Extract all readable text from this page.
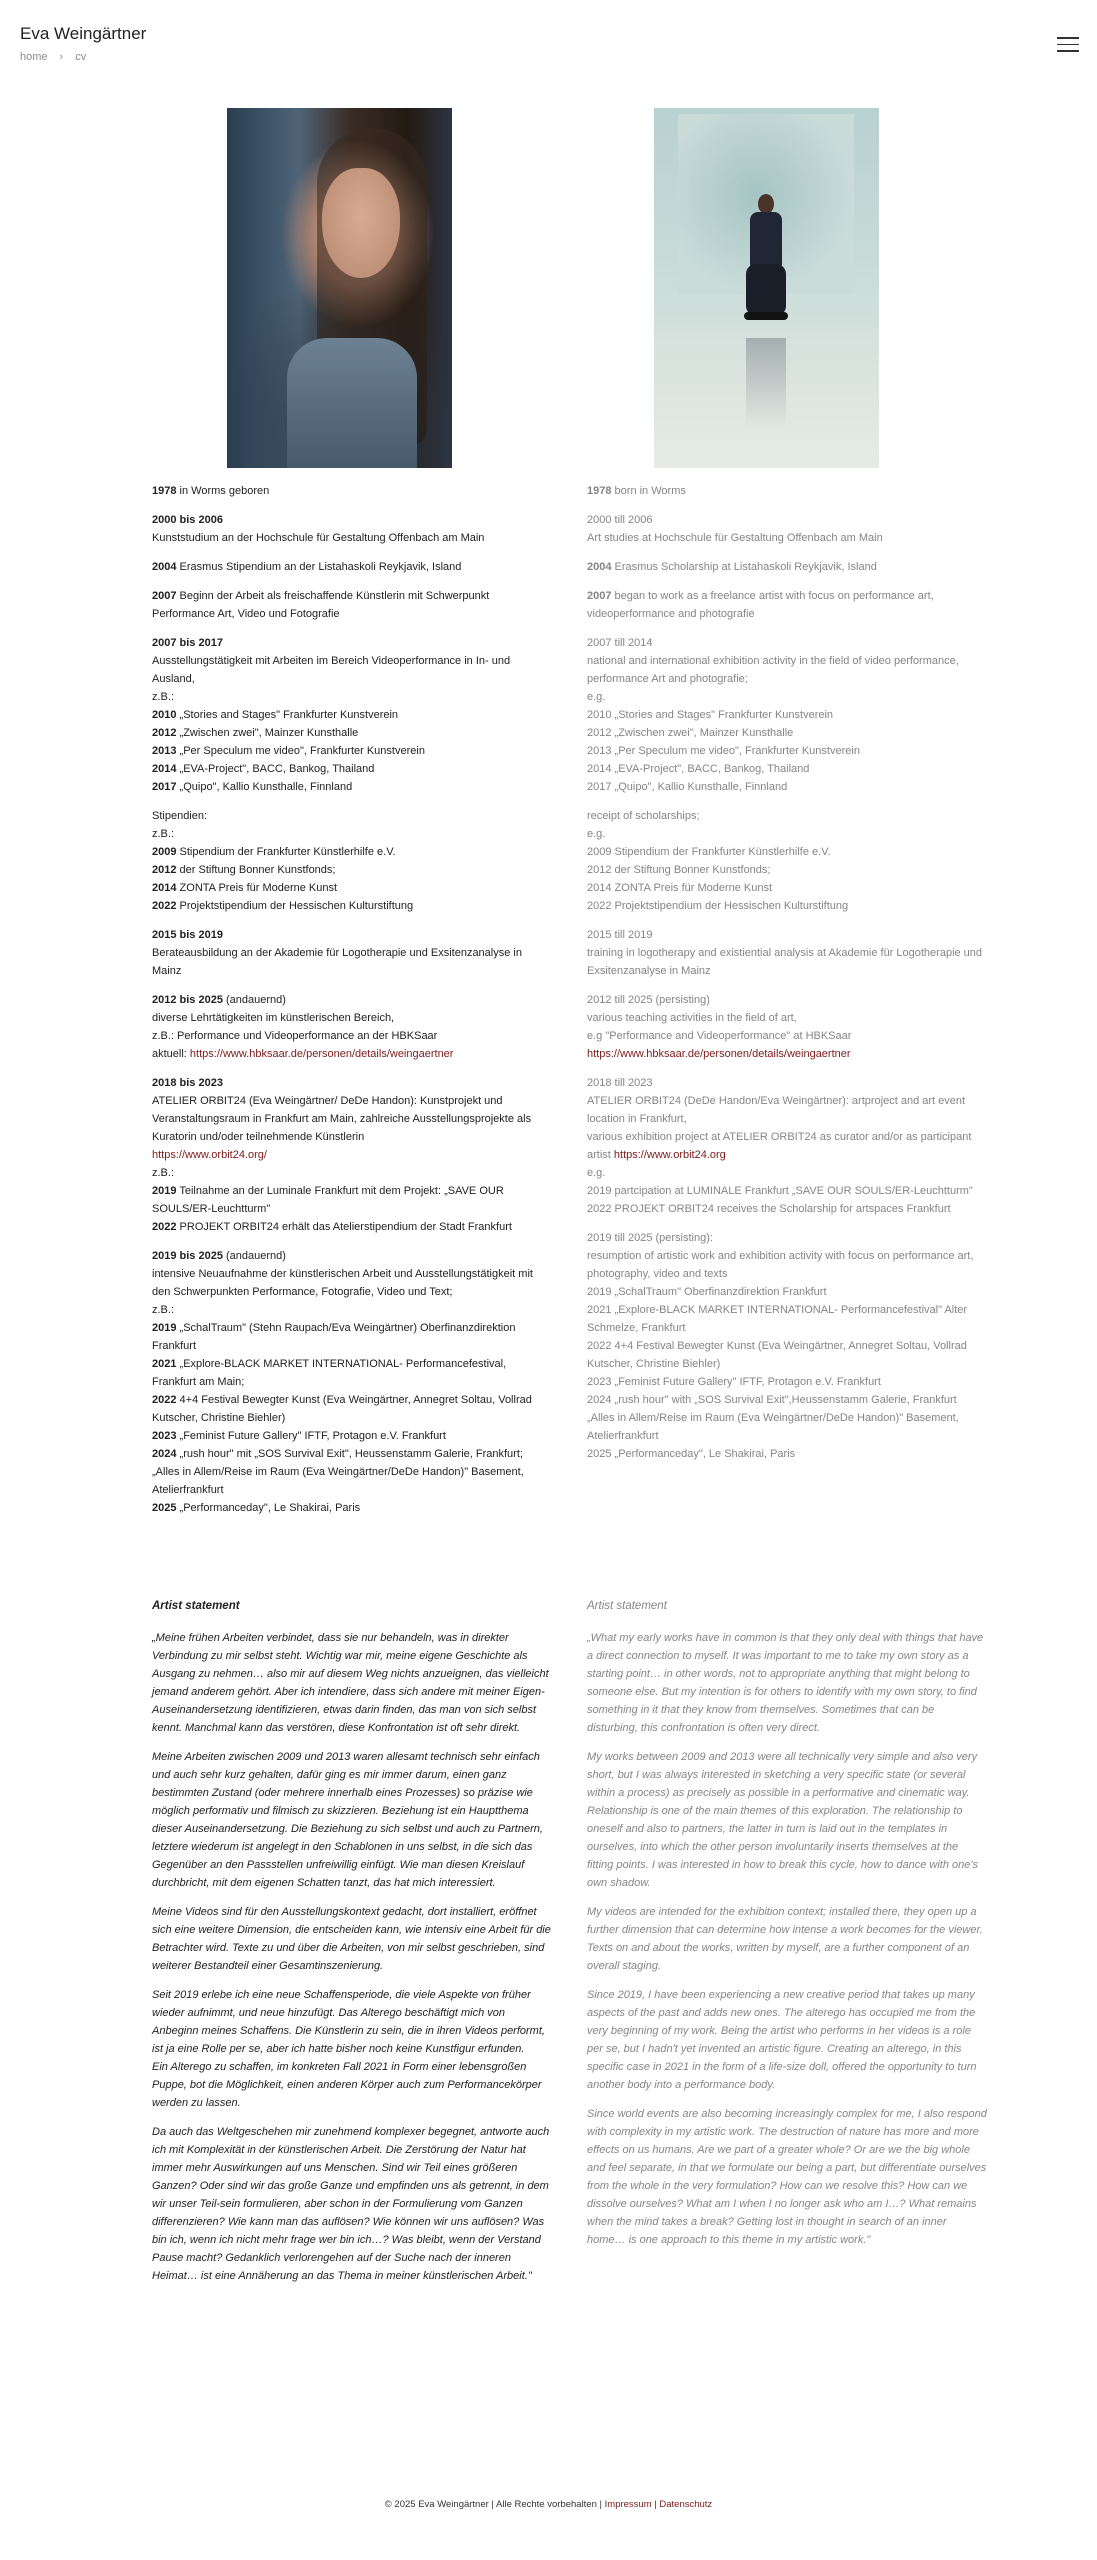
Eva Weingärtner
home › cv

1978 in Worms geboren

2000 bis 2006
Kunststudium an der Hochschule für Gestaltung Offenbach am Main

2004 Erasmus Stipendium an der Listahaskoli Reykjavik, Island

2007 Beginn der Arbeit als freischaffende Künstlerin mit Schwerpunkt Performance Art, Video und Fotografie

2007 bis 2017
Ausstellungstätigkeit mit Arbeiten im Bereich Videoperformance in In- und Ausland,
z.B.:
2010 „Stories and Stages" Frankfurter Kunstverein
2012 „Zwischen zwei", Mainzer Kunsthalle
2013 „Per Speculum me video", Frankfurter Kunstverein
2014 „EVA-Project", BACC, Bankog, Thailand
2017 „Quipo", Kallio Kunsthalle, Finnland

Stipendien:
z.B.:
2009 Stipendium der Frankfurter Künstlerhilfe e.V.
2012 der Stiftung Bonner Kunstfonds;
2014 ZONTA Preis für Moderne Kunst
2022 Projektstipendium der Hessischen Kulturstiftung

2015 bis 2019
Berateausbildung an der Akademie für Logotherapie und Exsitenzanalyse in Mainz

2012 bis 2025 (andauernd)
diverse Lehrtätigkeiten im künstlerischen Bereich,
z.B.: Performance und Videoperformance an der HBKSaar
aktuell: https://www.hbksaar.de/personen/details/weingaertner

2018 bis 2023
ATELIER ORBIT24 (Eva Weingärtner/ DeDe Handon): Kunstprojekt und Veranstaltungsraum in Frankfurt am Main, zahlreiche Ausstellungsprojekte als Kuratorin und/oder teilnehmende Künstlerin
https://www.orbit24.org/
z.B.:
2019 Teilnahme an der Luminale Frankfurt mit dem Projekt: „SAVE OUR SOULS/ER-Leuchtturm"
2022 PROJEKT ORBIT24 erhält das Atelierstipendium der Stadt Frankfurt

2019 bis 2025 (andauernd)
intensive Neuaufnahme der künstlerischen Arbeit und Ausstellungstätigkeit mit den Schwerpunkten Performance, Fotografie, Video und Text;
z.B.:
2019 „SchalTraum" (Stehn Raupach/Eva Weingärtner) Oberfinanzdirektion Frankfurt
2021 „Explore-BLACK MARKET INTERNATIONAL- Performancefestival, Frankfurt am Main;
2022 4+4 Festival Bewegter Kunst (Eva Weingärtner, Annegret Soltau, Vollrad Kutscher, Christine Biehler)
2023 „Feminist Future Gallery" IFTF, Protagon e.V. Frankfurt
2024 „rush hour" mit „SOS Survival Exit", Heussenstamm Galerie, Frankfurt;
„Alles in Allem/Reise im Raum (Eva Weingärtner/DeDe Handon)" Basement, Atelierfrankfurt
2025 „Performanceday", Le Shakirai, Paris

1978 born in Worms

2000 till 2006
Art studies at Hochschule für Gestaltung Offenbach am Main

2004 Erasmus Scholarship at Listahaskoli Reykjavik, Island

2007 began to work as a freelance artist with focus on performance art, videoperformance and photografie

2007 till 2014
national and international exhibition activity in the field of video performance, performance Art and photografie;
e.g.
2010 „Stories and Stages" Frankfurter Kunstverein
2012 „Zwischen zwei", Mainzer Kunsthalle
2013 „Per Speculum me video", Frankfurter Kunstverein
2014 „EVA-Project", BACC, Bankog, Thailand
2017 „Quipo", Kallio Kunsthalle, Finnland

receipt of scholarships;
e.g.
2009 Stipendium der Frankfurter Künstlerhilfe e.V.
2012 der Stiftung Bonner Kunstfonds;
2014 ZONTA Preis für Moderne Kunst
2022 Projektstipendium der Hessischen Kulturstiftung

2015 till 2019
training in logotherapy and existiential analysis at Akademie für Logotherapie und Exsitenzanalyse in Mainz

2012 till 2025 (persisting)
various teaching activities in the field of art,
e.g "Performance and Videoperformance" at HBKSaar
https://www.hbksaar.de/personen/details/weingaertner

2018 till 2023
ATELIER ORBIT24 (DeDe Handon/Eva Weingärtner): artproject and art event location in Frankfurt,
various exhibition project at ATELIER ORBIT24 as curator and/or as participant artist https://www.orbit24.org
e.g.
2019 partcipation at LUMINALE Frankfurt „SAVE OUR SOULS/ER-Leuchtturm"
2022 PROJEKT ORBIT24 receives the Scholarship for artspaces Frankfurt

2019 till 2025 (persisting):
resumption of artistic work and exhibition activity with focus on performance art, photography, video and texts
2019 „SchalTraum" Oberfinanzdirektion Frankfurt
2021 „Explore-BLACK MARKET INTERNATIONAL- Performancefestival" Alter Schmelze, Frankfurt
2022 4+4 Festival Bewegter Kunst (Eva Weingärtner, Annegret Soltau, Vollrad Kutscher, Christine Biehler)
2023 „Feminist Future Gallery" IFTF, Protagon e.V. Frankfurt
2024 „rush hour" with „SOS Survival Exit",Heussenstamm Galerie, Frankfurt
„Alles in Allem/Reise im Raum (Eva Weingärtner/DeDe Handon)" Basement, Atelierfrankfurt
2025 „Performanceday", Le Shakirai, Paris

Artist statement

„Meine frühen Arbeiten verbindet, dass sie nur behandeln, was in direkter Verbindung zu mir selbst steht. Wichtig war mir, meine eigene Geschichte als Ausgang zu nehmen… also mir auf diesem Weg nichts anzueignen, das vielleicht jemand anderem gehört. Aber ich intendiere, dass sich andere mit meiner Eigen-Auseinandersetzung identifizieren, etwas darin finden, das man von sich selbst kennt. Manchmal kann das verstören, diese Konfrontation ist oft sehr direkt.

Meine Arbeiten zwischen 2009 und 2013 waren allesamt technisch sehr einfach und auch sehr kurz gehalten, dafür ging es mir immer darum, einen ganz bestimmten Zustand (oder mehrere innerhalb eines Prozesses) so präzise wie möglich performativ und filmisch zu skizzieren. Beziehung ist ein Hauptthema dieser Auseinandersetzung. Die Beziehung zu sich selbst und auch zu Partnern, letztere wiederum ist angelegt in den Schablonen in uns selbst, in die sich das Gegenüber an den Passstellen unfreiwillig einfügt. Wie man diesen Kreislauf durchbricht, mit dem eigenen Schatten tanzt, das hat mich interessiert.

Meine Videos sind für den Ausstellungskontext gedacht, dort installiert, eröffnet sich eine weitere Dimension, die entscheiden kann, wie intensiv eine Arbeit für die Betrachter wird. Texte zu und über die Arbeiten, von mir selbst geschrieben, sind weiterer Bestandteil einer Gesamtinszenierung.

Seit 2019 erlebe ich eine neue Schaffensperiode, die viele Aspekte von früher wieder aufnimmt, und neue hinzufügt. Das Alterego beschäftigt mich von Anbeginn meines Schaffens. Die Künstlerin zu sein, die in ihren Videos performt, ist ja eine Rolle per se, aber ich hatte bisher noch keine Kunstfigur erfunden.
Ein Alterego zu schaffen, im konkreten Fall 2021 in Form einer lebensgroßen Puppe, bot die Möglichkeit, einen anderen Körper auch zum Performancekörper werden zu lassen.

Da auch das Weltgeschehen mir zunehmend komplexer begegnet, antworte auch ich mit Komplexität in der künstlerischen Arbeit. Die Zerstörung der Natur hat immer mehr Auswirkungen auf uns Menschen. Sind wir Teil eines größeren Ganzen? Oder sind wir das große Ganze und empfinden uns als getrennt, in dem wir unser Teil-sein formulieren, aber schon in der Formulierung vom Ganzen differenzieren? Wie kann man das auflösen? Wie können wir uns auflösen? Was bin ich, wenn ich nicht mehr frage wer bin ich…? Was bleibt, wenn der Verstand Pause macht? Gedanklich verlorengehen auf der Suche nach der inneren Heimat… ist eine Annäherung an das Thema in meiner künstlerischen Arbeit."

Artist statement

„What my early works have in common is that they only deal with things that have a direct connection to myself. It was important to me to take my own story as a starting point… in other words, not to appropriate anything that might belong to someone else. But my intention is for others to identify with my own story, to find something in it that they know from themselves. Sometimes that can be disturbing, this confrontation is often very direct.

My works between 2009 and 2013 were all technically very simple and also very short, but I was always interested in sketching a very specific state (or several within a process) as precisely as possible in a performative and cinematic way. Relationship is one of the main themes of this exploration. The relationship to oneself and also to partners, the latter in turn is laid out in the templates in ourselves, into which the other person involuntarily inserts themselves at the fitting points. I was interested in how to break this cycle, how to dance with one's own shadow.

My videos are intended for the exhibition context; installed there, they open up a further dimension that can determine how intense a work becomes for the viewer. Texts on and about the works, written by myself, are a further component of an overall staging.

Since 2019, I have been experiencing a new creative period that takes up many aspects of the past and adds new ones. The alterego has occupied me from the very beginning of my work. Being the artist who performs in her videos is a role per se, but I hadn't yet invented an artistic figure. Creating an alterego, in this specific case in 2021 in the form of a life-size doll, offered the opportunity to turn another body into a performance body.

Since world events are also becoming increasingly complex for me, I also respond with complexity in my artistic work. The destruction of nature has more and more effects on us humans. Are we part of a greater whole? Or are we the big whole and feel separate, in that we formulate our being a part, but differentiate ourselves from the whole in the very formulation? How can we resolve this? How can we dissolve ourselves? What am I when I no longer ask who am I…? What remains when the mind takes a break? Getting lost in thought in search of an inner home… is one approach to this theme in my artistic work."

© 2025 Eva Weingärtner | Alle Rechte vorbehalten | Impressum | Datenschutz
